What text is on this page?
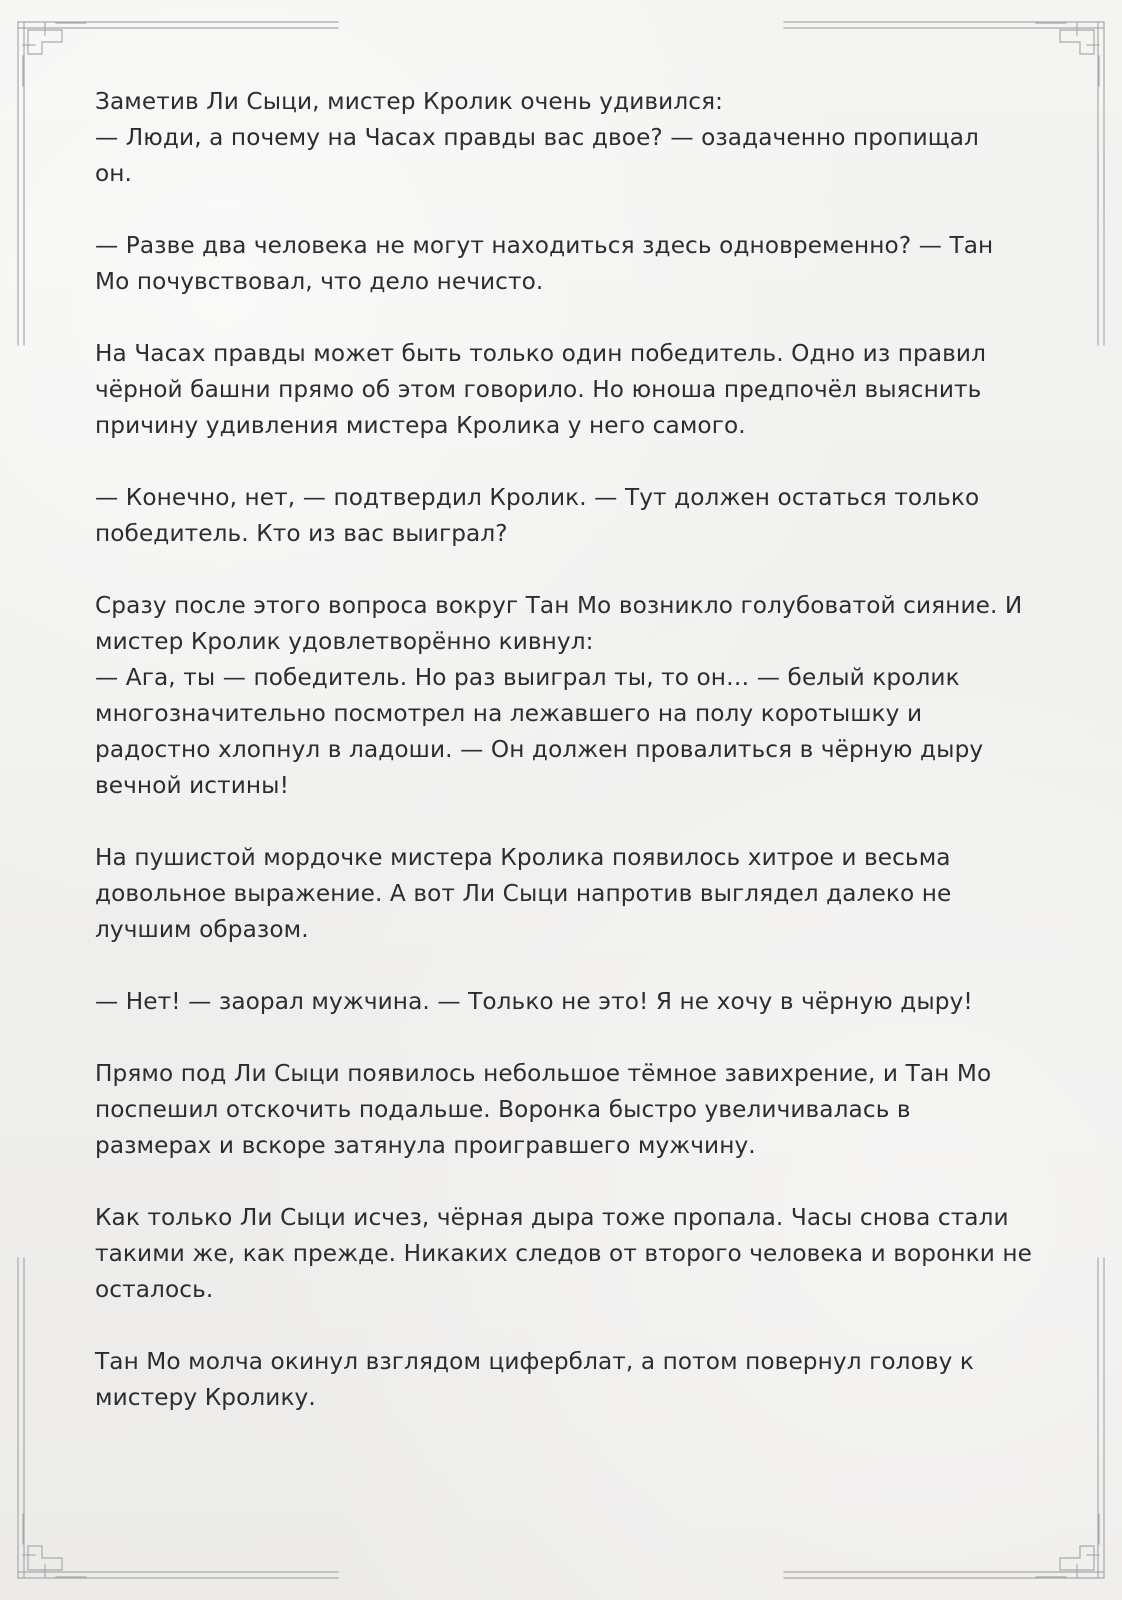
Заметив Ли Сыци, мистер Кролик очень удивился:
— Люди, а почему на Часах правды вас двое? — озадаченно пропищал
он.

— Разве два человека не могут находиться здесь одновременно? — Тан
Мо почувствовал, что дело нечисто.

На Часах правды может быть только один победитель. Одно из правил
чёрной башни прямо об этом говорило. Но юноша предпочёл выяснить
причину удивления мистера Кролика у него самого.

— Конечно, нет, — подтвердил Кролик. — Тут должен остаться только
победитель. Кто из вас выиграл?

Сразу после этого вопроса вокруг Тан Мо возникло голубоватой сияние. И
мистер Кролик удовлетворённо кивнул:
— Ага, ты — победитель. Но раз выиграл ты, то он… — белый кролик
многозначительно посмотрел на лежавшего на полу коротышку и
радостно хлопнул в ладоши. — Он должен провалиться в чёрную дыру
вечной истины!

На пушистой мордочке мистера Кролика появилось хитрое и весьма
довольное выражение. А вот Ли Сыци напротив выглядел далеко не
лучшим образом.

— Нет! — заорал мужчина. — Только не это! Я не хочу в чёрную дыру!

Прямо под Ли Сыци появилось небольшое тёмное завихрение, и Тан Мо
поспешил отскочить подальше. Воронка быстро увеличивалась в
размерах и вскоре затянула проигравшего мужчину.

Как только Ли Сыци исчез, чёрная дыра тоже пропала. Часы снова стали
такими же, как прежде. Никаких следов от второго человека и воронки не
осталось.

Тан Мо молча окинул взглядом циферблат, а потом повернул голову к
мистеру Кролику.
